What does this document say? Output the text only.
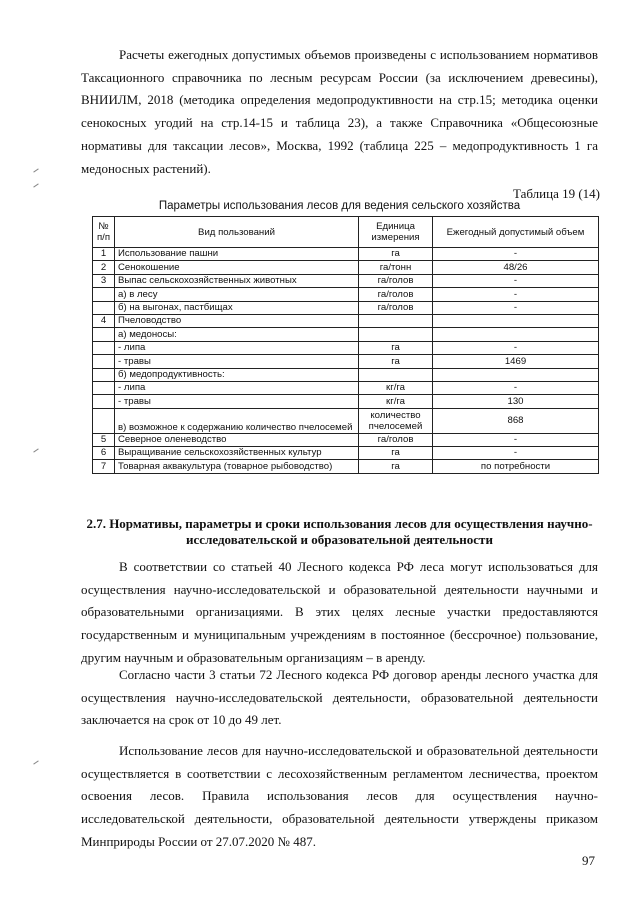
Расчеты ежегодных допустимых объемов произведены с использованием нормативов Таксационного справочника по лесным ресурсам России (за исключением древесины), ВНИИЛМ, 2018 (методика определения медопродуктивности на стр.15; методика оценки сенокосных угодий на стр.14-15 и таблица 23), а также Справочника «Общесоюзные нормативы для таксации лесов», Москва, 1992 (таблица 225 – медопродуктивность 1 га медоносных растений).
Таблица 19 (14)
Параметры использования лесов для ведения сельского хозяйства
№ п/п	Вид пользований	Единица измерения	Ежегодный допустимый объем
1	Использование пашни	га	-
2	Сенокошение	га/тонн	48/26
3	Выпас сельскохозяйственных животных	га/голов	-
	а) в лесу	га/голов	-
	б) на выгонах, пастбищах	га/голов	-
4	Пчеловодство		
	а) медоносы:		
	- липа	га	-
	- травы	га	1469
	б) медопродуктивность:		
	- липа	кг/га	-
	- травы	кг/га	130
	в) возможное к содержанию количество пчелосемей	количество пчелосемей	868
5	Северное оленеводство	га/голов	-
6	Выращивание сельскохозяйственных культур	га	-
7	Товарная аквакультура (товарное рыбоводство)	га	по потребности
2.7. Нормативы, параметры и сроки использования лесов для осуществления научно-исследовательской и образовательной деятельности
В соответствии со статьей 40 Лесного кодекса РФ леса могут использоваться для осуществления научно-исследовательской и образовательной деятельности научными и образовательными организациями. В этих целях лесные участки предоставляются государственным и муниципальным учреждениям в постоянное (бессрочное) пользование, другим научным и образовательным организациям – в аренду.
Согласно части 3 статьи 72 Лесного кодекса РФ договор аренды лесного участка для осуществления научно-исследовательской деятельности, образовательной деятельности заключается на срок от 10 до 49 лет.
Использование лесов для научно-исследовательской и образовательной деятельности осуществляется в соответствии с лесохозяйственным регламентом лесничества, проектом освоения лесов. Правила использования лесов для осуществления научно-исследовательской деятельности, образовательной деятельности утверждены приказом Минприроды России от 27.07.2020 № 487.
97
